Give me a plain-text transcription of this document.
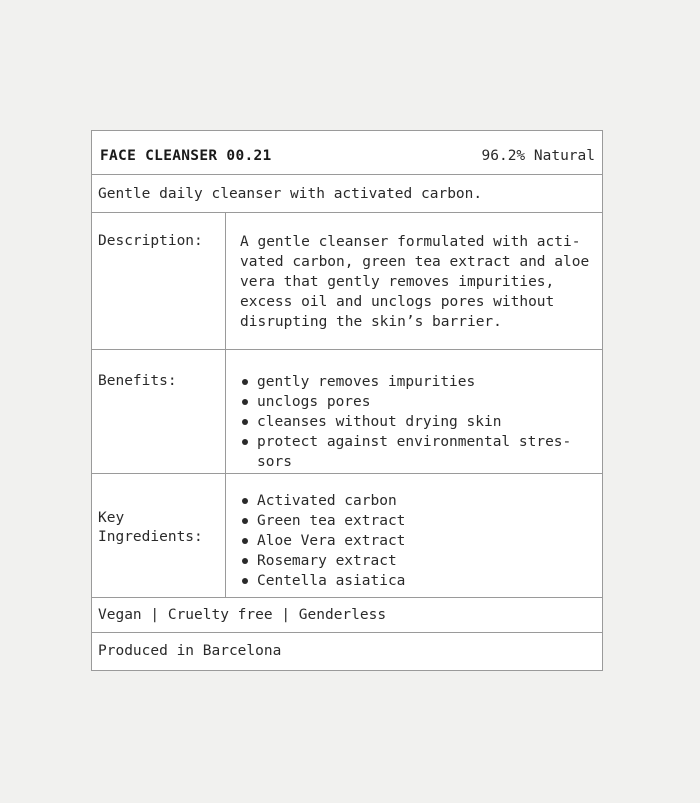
FACE CLEANSER 00.21	96.2% Natural
Gentle daily cleanser with activated carbon.
Description:	A gentle cleanser formulated with acti-vated carbon, green tea extract and aloe vera that gently removes impurities, excess oil and unclogs pores without disrupting the skin’s barrier.
Benefits:	gently removes impurities
unclogs pores
cleanses without drying skin
protect against environmental stres-sors

Key Ingredients:

Activated carbon
Green tea extract
Aloe Vera extract
Rosemary extract
Centella asiatica
Vegan | Cruelty free | Genderless
Produced in Barcelona
